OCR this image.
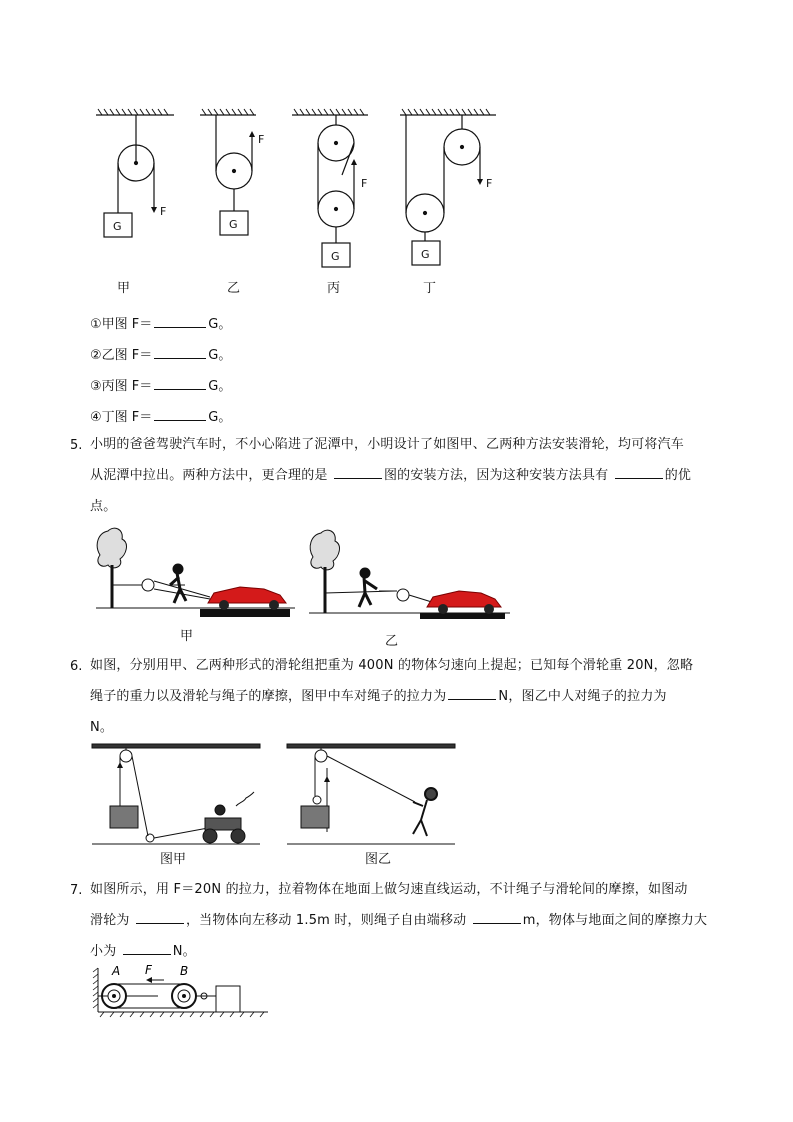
F
F
F	F
G	G
G	G
甲	乙	丙	丁
①甲图 F＝	G。
②乙图 F＝	G。
③丙图 F＝	G。
④丁图 F＝	G。
5. 小明的爸爸驾驶汽车时，不小心陷进了泥潭中，小明设计了如图甲、乙两种方法安装滑轮，均可将汽车
从泥潭中拉出。两种方法中，更合理的是	图的安装方法，因为这种安装方法具有	的优
点。
甲	乙
6. 如图，分别用甲、乙两种形式的滑轮组把重为 400N 的物体匀速向上提起；已知每个滑轮重 20N，忽略
绳子的重力以及滑轮与绳子的摩擦，图甲中车对绳子的拉力为	N，图乙中人对绳子的拉力为
N。
图甲	图乙
7. 如图所示，用 F＝20N 的拉力，拉着物体在地面上做匀速直线运动，不计绳子与滑轮间的摩擦，如图动
滑轮为	，当物体向左移动 1.5m 时，则绳子自由端移动	m，物体与地面之间的摩擦力大
小为	N。
A F B
